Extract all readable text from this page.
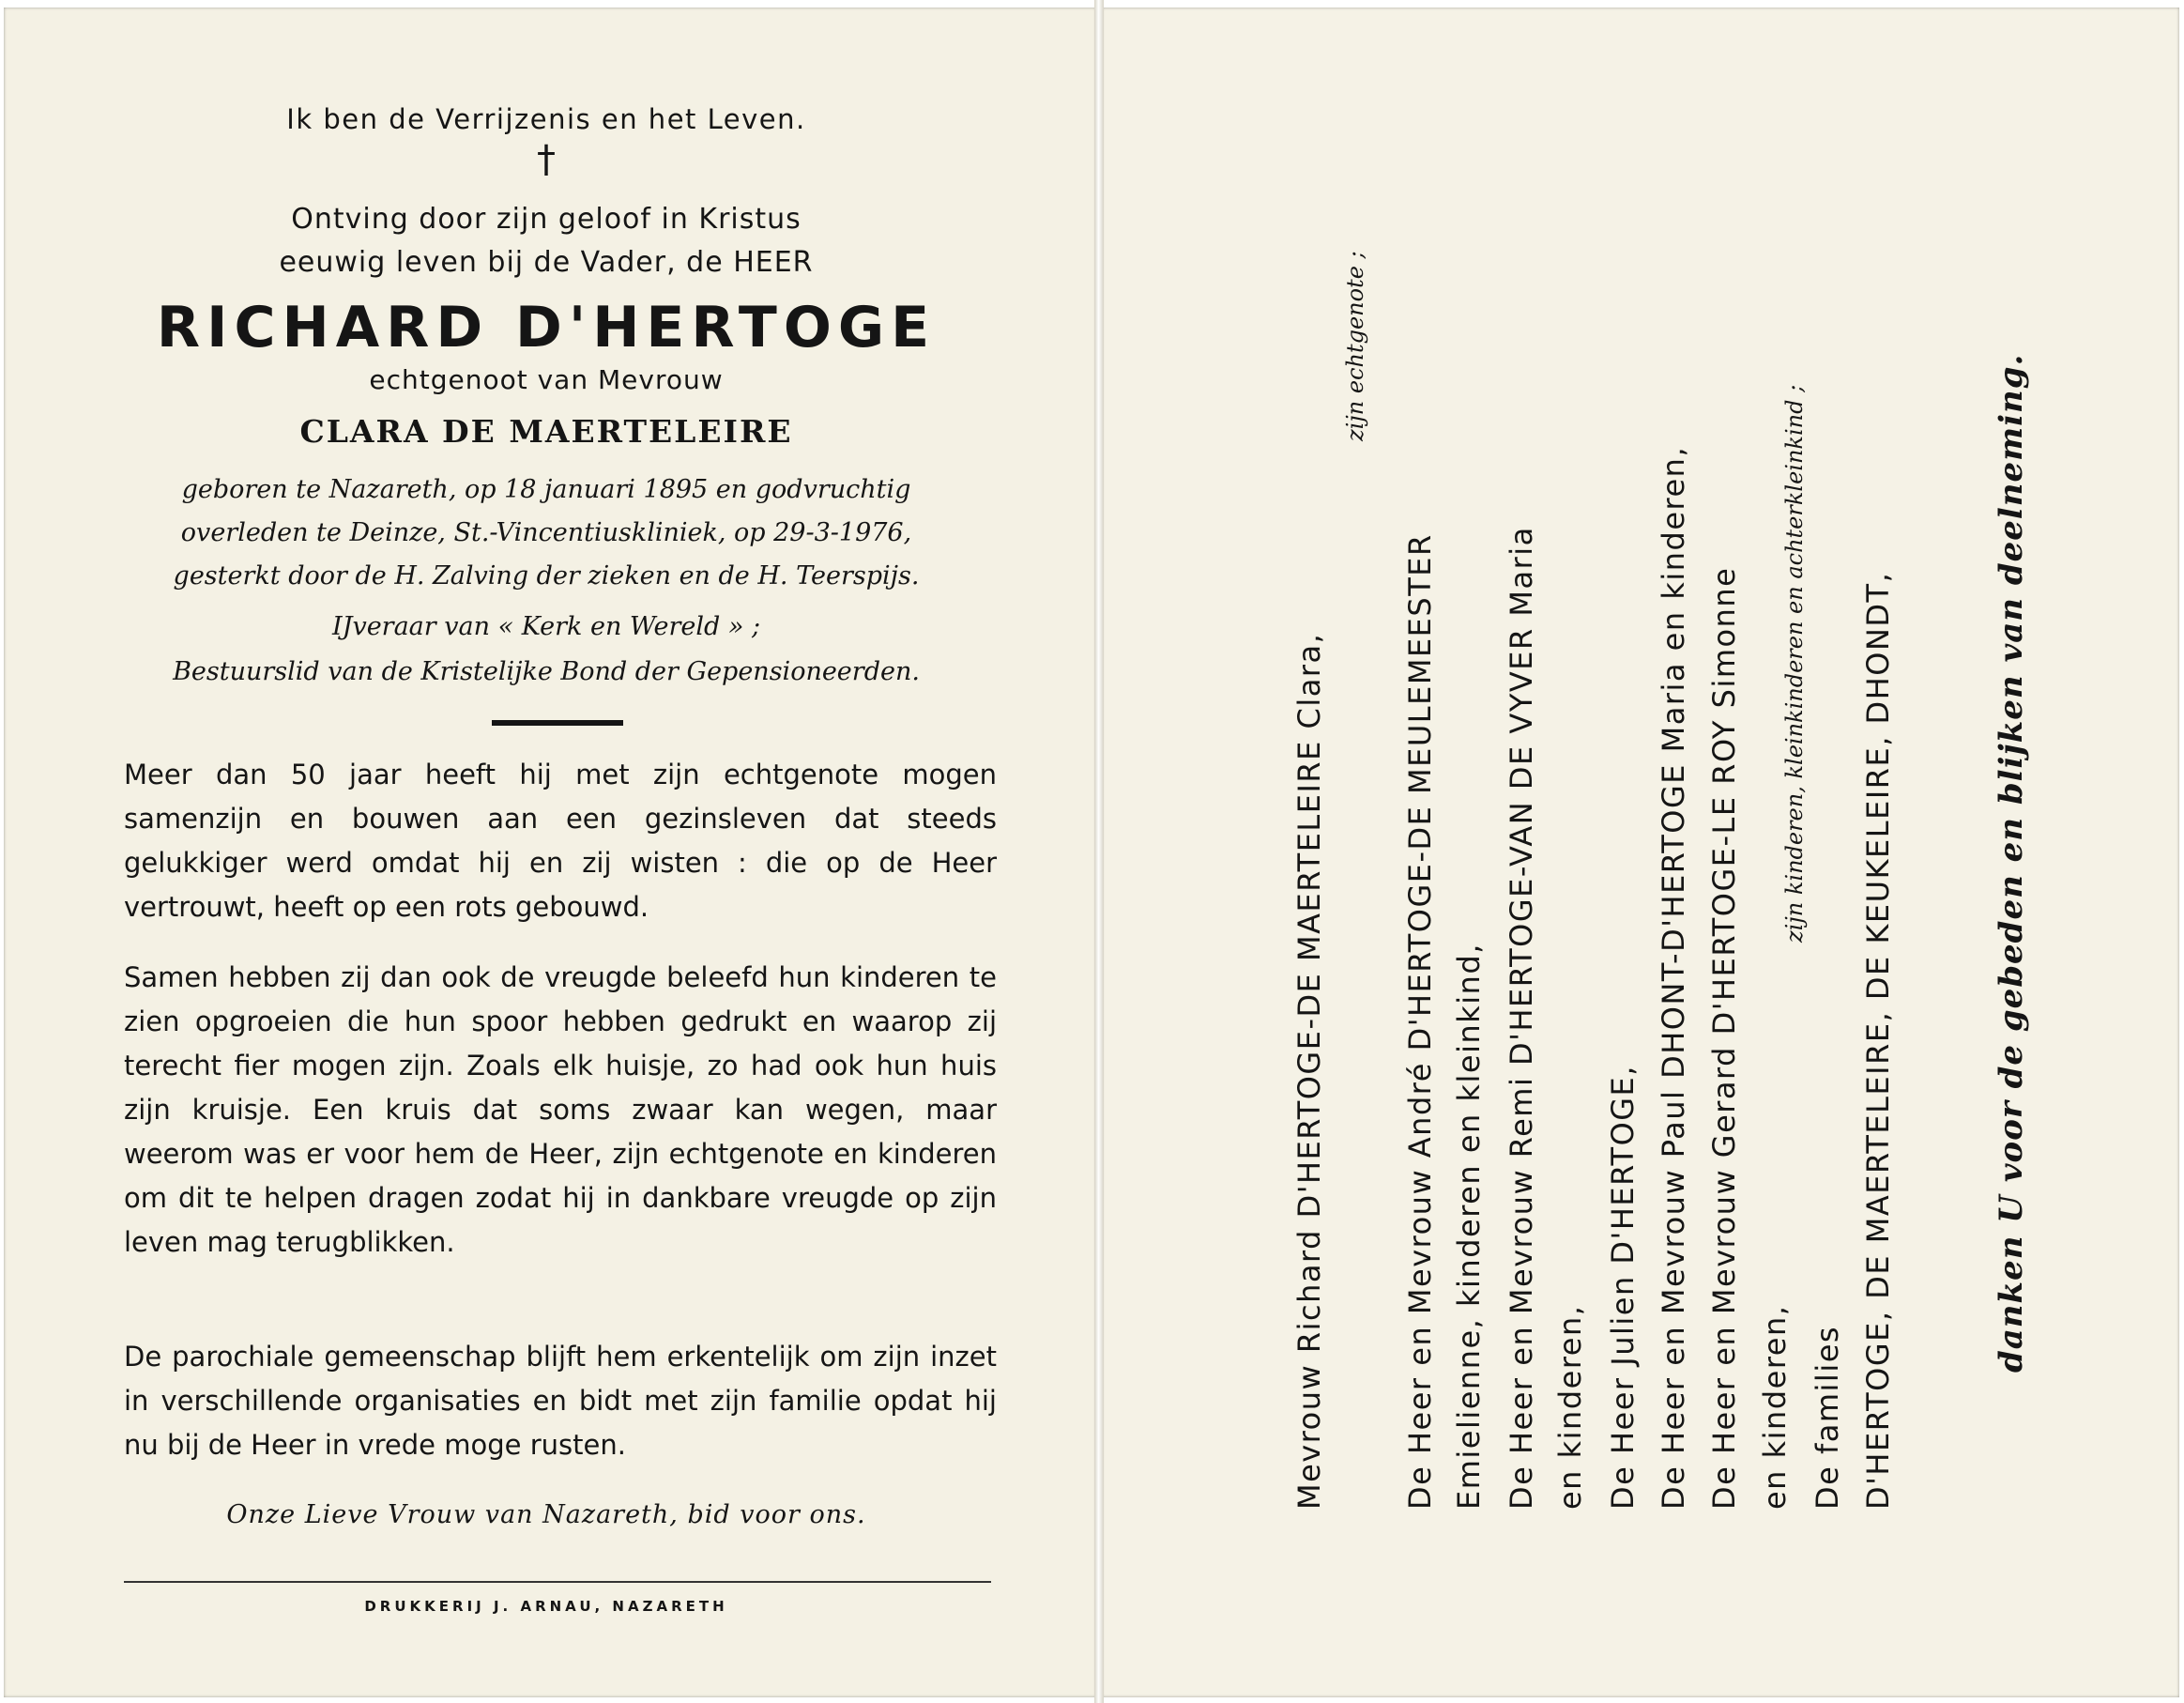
Ik ben de Verrijzenis en het Leven.
†
Ontving door zijn geloof in Kristus
eeuwig leven bij de Vader, de HEER
RICHARD D'HERTOGE
echtgenoot van Mevrouw
CLARA DE MAERTELEIRE
geboren te Nazareth, op 18 januari 1895 en godvruchtig
overleden te Deinze, St.-Vincentiuskliniek, op 29-3-1976,
gesterkt door de H. Zalving der zieken en de H. Teerspijs.
IJveraar van « Kerk en Wereld » ;
Bestuurslid van de Kristelijke Bond der Gepensioneerden.
Meer dan 50 jaar heeft hij met zijn echtgenote mogen samenzijn en bouwen aan een gezinsleven dat steeds gelukkiger werd omdat hij en zij wisten : die op de Heer vertrouwt, heeft op een rots gebouwd.
Samen hebben zij dan ook de vreugde beleefd hun kinderen te zien opgroeien die hun spoor hebben gedrukt en waarop zij terecht fier mogen zijn. Zoals elk huisje, zo had ook hun huis zijn kruisje. Een kruis dat soms zwaar kan wegen, maar weerom was er voor hem de Heer, zijn echtgenote en kinderen om dit te helpen dragen zodat hij in dankbare vreugde op zijn leven mag terugblikken.
De parochiale gemeenschap blijft hem erkentelijk om zijn inzet in verschillende organisaties en bidt met zijn familie opdat hij nu bij de Heer in vrede moge rusten.
Onze Lieve Vrouw van Nazareth, bid voor ons.
DRUKKERIJ J. ARNAU, NAZARETH
Mevrouw Richard D'HERTOGE-DE MAERTELEIRE Clara,
zijn echtgenote ;
De Heer en Mevrouw André D'HERTOGE-DE MEULEMEESTER Emielienne, kinderen en kleinkind, De Heer en Mevrouw Remi D'HERTOGE-VAN DE VYVER Maria en kinderen, De Heer Julien D'HERTOGE, De Heer en Mevrouw Paul DHONT-D'HERTOGE Maria en kinderen, De Heer en Mevrouw Gerard D'HERTOGE-LE ROY Simonne zijn kinderen, kleinkinderen en achterkleinkind ;
en kinderen, De families D'HERTOGE, DE MAERTELEIRE, DE KEUKELEIRE, DHONDT,	danken U voor de gebeden en blijken van deelneming.
